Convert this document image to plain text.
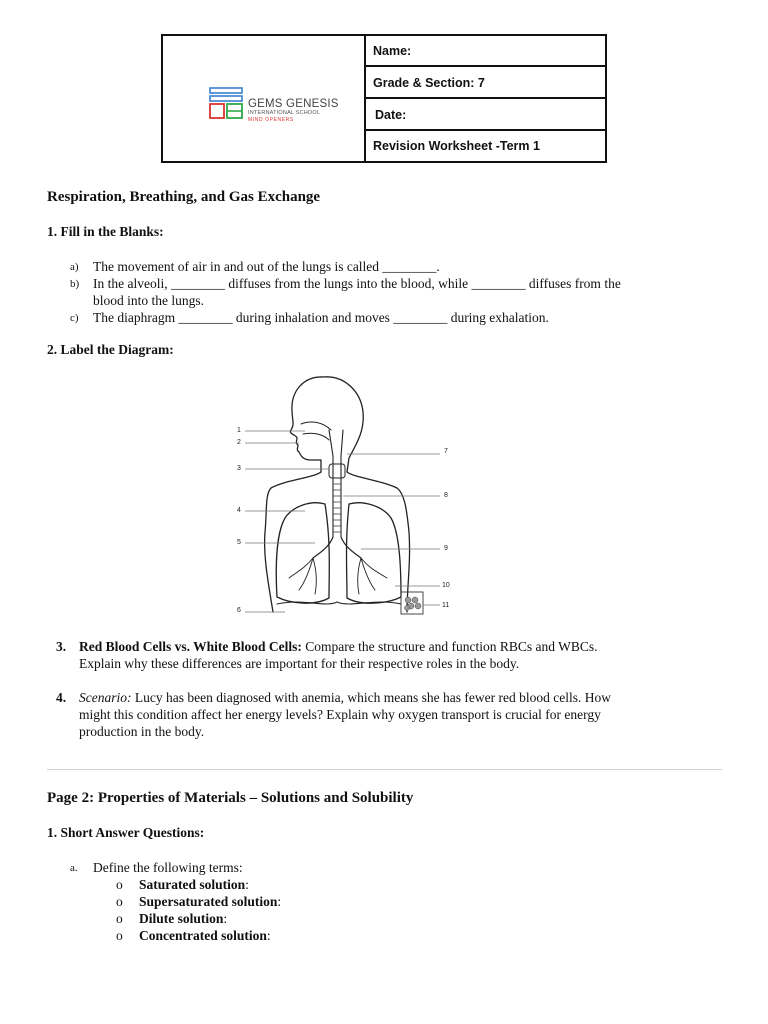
GEMS GENESIS
INTERNATIONAL SCHOOL
MIND OPENERS
Name:
Grade & Section: 7
Date:
Revision Worksheet -Term 1
Respiration, Breathing, and Gas Exchange
1. Fill in the Blanks:
a) The movement of air in and out of the lungs is called ________.
b) In the alveoli, ________ diffuses from the lungs into the blood, while ________ diffuses from the
blood into the lungs.
c) The diaphragm ________ during inhalation and moves ________ during exhalation.
2. Label the Diagram:
1
2
3
4
5
6
7
8
9
10
11
3. Red Blood Cells vs. White Blood Cells: Compare the structure and function RBCs and WBCs.
Explain why these differences are important for their respective roles in the body.
4. Scenario: Lucy has been diagnosed with anemia, which means she has fewer red blood cells. How
might this condition affect her energy levels? Explain why oxygen transport is crucial for energy
production in the body.
Page 2: Properties of Materials – Solutions and Solubility
1. Short Answer Questions:
a. Define the following terms:
o Saturated solution:
o Supersaturated solution:
o Dilute solution:
o Concentrated solution:
